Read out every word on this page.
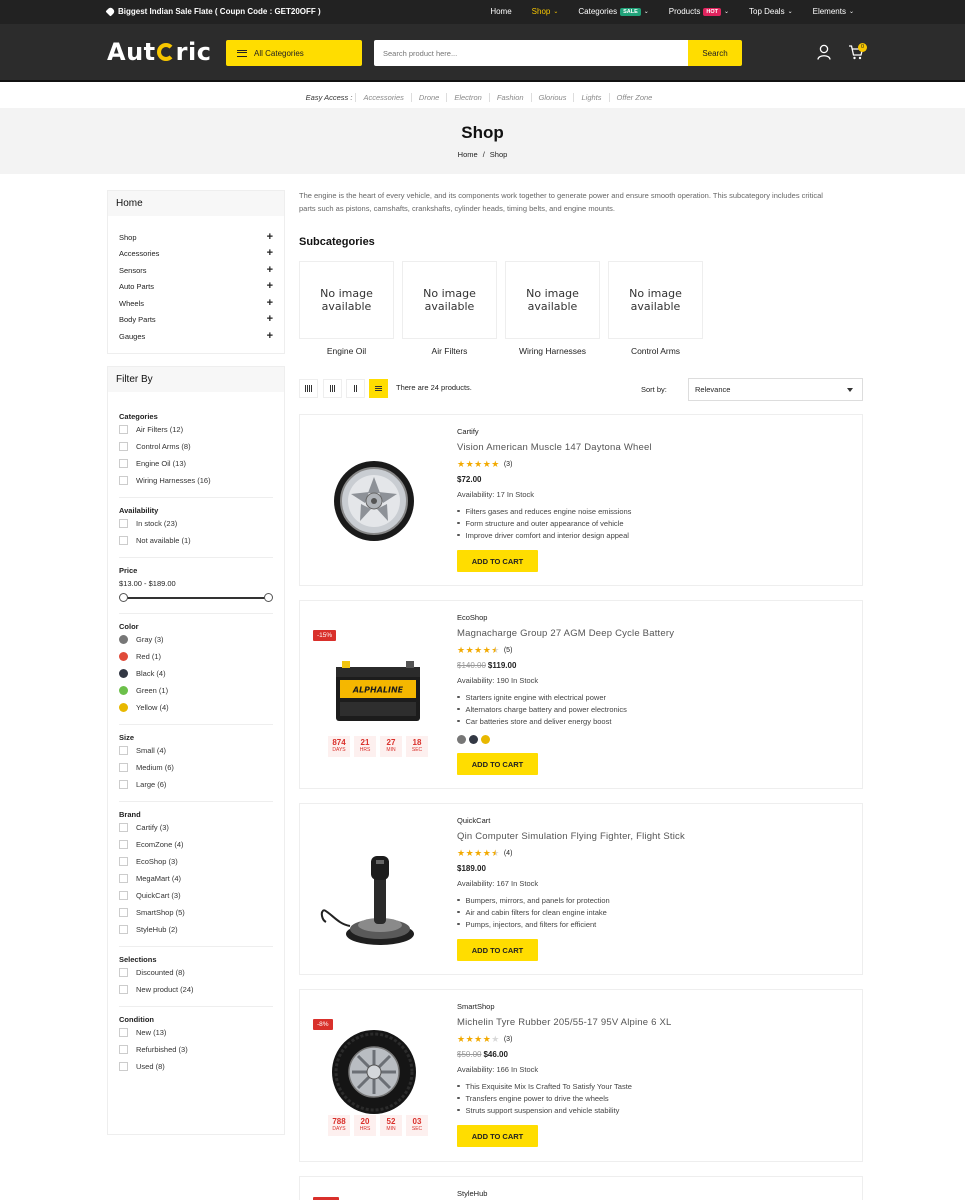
Biggest Indian Sale Flate ( Coupn Code : GET20OFF )	Home	Shop ⌄	Categories	SALE	⌄	Products	HOT	⌄	Top Deals ⌄	Elements ⌄
Aut ric	All Categories
Search product here...	Search
0
Easy Access :	Accessories	Drone	Electron	Fashion	Glorious	Lights	Offer Zone
Shop
Home / Shop
Home
Shop	+
Accessories	+
Sensors	+
Auto Parts	+
Wheels	+
Body Parts	+
Gauges	+
Filter By
Categories
Air Filters (12)
Control Arms (8)
Engine Oil (13)
Wiring Harnesses (16)
Availability
In stock (23)
Not available (1)
Price
$13.00 - $189.00
Color
Gray (3)
Red (1)
Black (4)
Green (1)
Yellow (4)
Size
Small (4)
Medium (6)
Large (6)
Brand
Cartify (3)
EcomZone (4)
EcoShop (3)
MegaMart (4)
QuickCart (3)
SmartShop (5)
StyleHub (2)
Selections
Discounted (8)
New product (24)
Condition
New (13)
Refurbished (3)
Used (8)

The engine is the heart of every vehicle, and its components work together to generate power and ensure smooth operation. This subcategory includes critical parts such as pistons, camshafts, crankshafts, cylinder heads, timing belts, and engine mounts.

Subcategories
No image available
Engine Oil
No image available
Air Filters
No image available
Wiring Harnesses
No image available
Control Arms
There are 24 products.	Sort by:	Relevance
Cartify
Vision American Muscle 147 Daytona Wheel
★★★★★ (3)
$72.00
Availability: 17 In Stock
Filters gases and reduces engine noise emissions
Form structure and outer appearance of vehicle
Improve driver comfort and interior design appeal
ADD TO CART
-15%
ALPHALINE
874
DAYS
21
HRS
27
MIN
18
SEC
EcoShop
Magnacharge Group 27 AGM Deep Cycle Battery
★★★★★ (5)
$140.00 $119.00
Availability: 190 In Stock
Starters ignite engine with electrical power
Alternators charge battery and power electronics
Car batteries store and deliver energy boost
ADD TO CART
QuickCart
Qin Computer Simulation Flying Fighter, Flight Stick
★★★★★ (4)
$189.00
Availability: 167 In Stock
Bumpers, mirrors, and panels for protection
Air and cabin filters for clean engine intake
Pumps, injectors, and filters for efficient
ADD TO CART
-8%
788
DAYS
20
HRS
52
MIN
03
SEC
SmartShop
Michelin Tyre Rubber 205/55-17 95V Alpine 6 XL
★★★★★ (3)
$50.00 $46.00
Availability: 166 In Stock
This Exquisite Mix Is Crafted To Satisfy Your Taste
Transfers engine power to drive the wheels
Struts support suspension and vehicle stability
ADD TO CART
StyleHub
